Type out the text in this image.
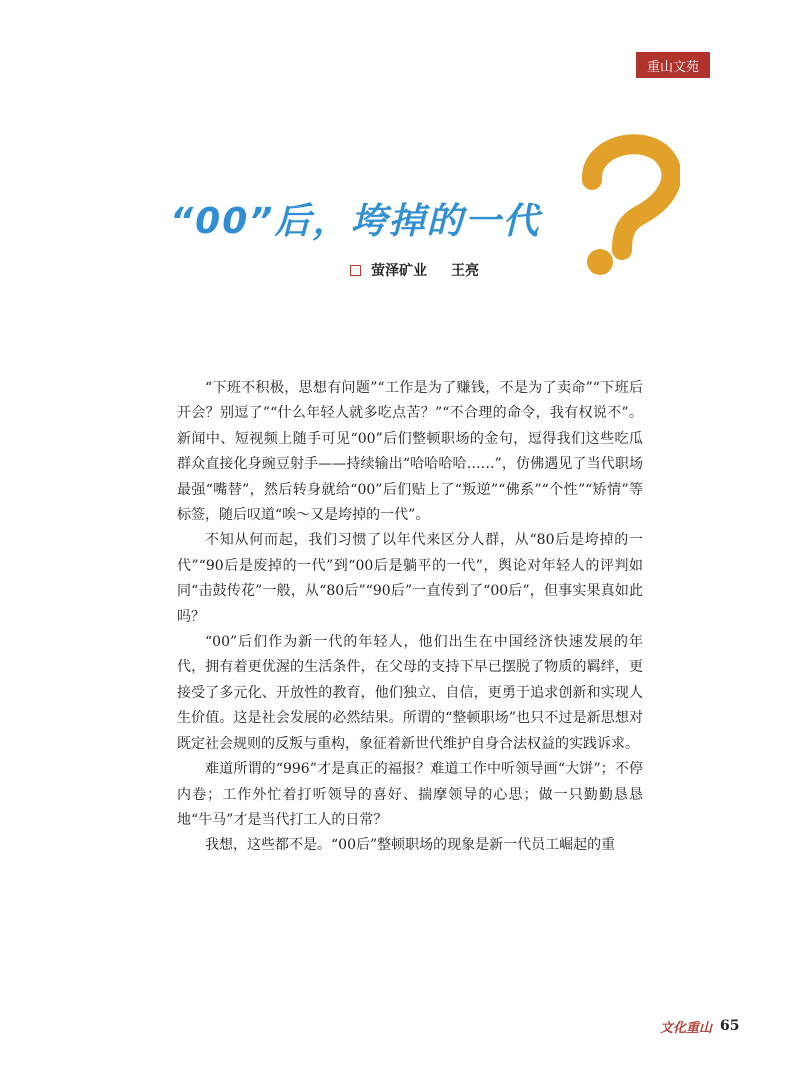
重山文苑
“00”后，垮掉的一代
萤泽矿业 王亮

“下班不积极，思想有问题”“工作是为了赚钱，不是为了卖命”“下班后开会？别逗了”“什么年轻人就多吃点苦？”“不合理的命令，我有权说不”。新闻中、短视频上随手可见“00”后们整顿职场的金句，逗得我们这些吃瓜群众直接化身豌豆射手——持续输出“哈哈哈哈……”，仿佛遇见了当代职场最强“嘴替”，然后转身就给“00”后们贴上了“叛逆”“佛系”“个性”“矫情”等标签，随后叹道“唉～又是垮掉的一代”。

不知从何而起，我们习惯了以年代来区分人群，从“80后是垮掉的一代”“90后是废掉的一代”到“00后是躺平的一代”，舆论对年轻人的评判如同“击鼓传花”一般，从“80后”“90后”一直传到了“00后”，但事实果真如此吗？

“00”后们作为新一代的年轻人，他们出生在中国经济快速发展的年代，拥有着更优渥的生活条件，在父母的支持下早已摆脱了物质的羁绊，更接受了多元化、开放性的教育，他们独立、自信，更勇于追求创新和实现人生价值。这是社会发展的必然结果。所谓的“整顿职场”也只不过是新思想对既定社会规则的反叛与重构，象征着新世代维护自身合法权益的实践诉求。

难道所谓的“996”才是真正的福报？难道工作中听领导画“大饼”；不停内卷；工作外忙着打听领导的喜好、揣摩领导的心思；做一只勤勤恳恳地“牛马”才是当代打工人的日常？

我想，这些都不是。“00后”整顿职场的现象是新一代员工崛起的重

文化重山 65
